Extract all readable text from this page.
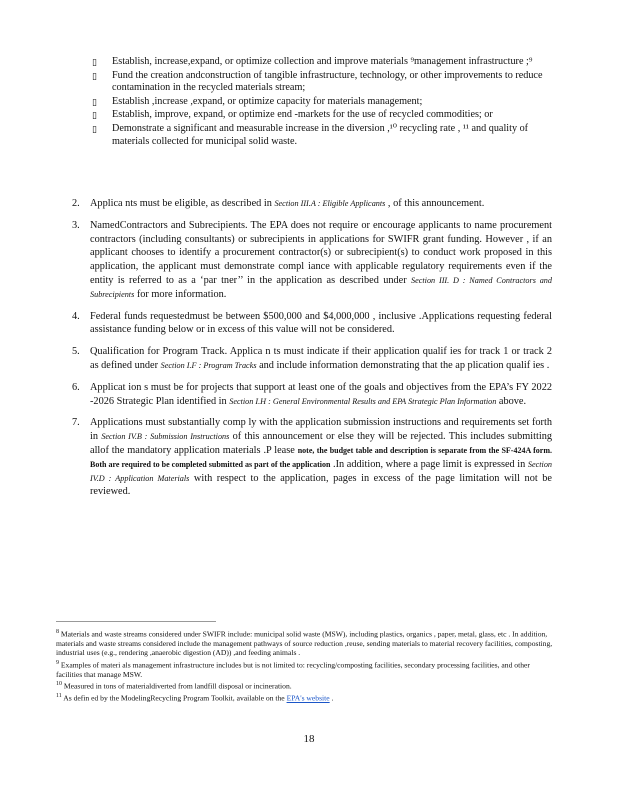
▯ Establish, increase,expand, or optimize collection and improve materials ⁹management infrastructure ;⁹
▯ Fund the creation andconstruction of tangible infrastructure, technology, or other improvements to reduce contamination in the recycled materials stream;
▯ Establish ,increase ,expand, or optimize capacity for materials management;
▯ Establish, improve, expand, or optimize end -markets for the use of recycled commodities; or
▯ Demonstrate a significant and measurable increase in the diversion ,¹⁰ recycling rate , ¹¹ and quality of materials collected for municipal solid waste.
2. Applica nts must be eligible, as described in Section III.A : Eligible Applicants , of this announcement.
3. NamedContractors and Subrecipients. The EPA does not require or encourage applicants to name procurement contractors (including consultants) or subrecipients in applications for SWIFR grant funding. However , if an applicant chooses to identify a procurement contractor(s) or subrecipient(s) to conduct work proposed in this application, the applicant must demonstrate compl iance with applicable regulatory requirements even if the entity is referred to as a ‘par tner’’ in the application as described under Section III. D : Named Contractors and Subrecipients for more information.
4. Federal funds requestedmust be between $500,000 and $4,000,000 , inclusive .Applications requesting federal assistance funding below or in excess of this value will not be considered.
5. Qualification for Program Track. Applica n ts must indicate if their application qualif ies for track 1 or track 2 as defined under Section I.F : Program Tracks and include information demonstrating that the ap plication qualif ies .
6. Applicat ion s must be for projects that support at least one of the goals and objectives from the EPA’s FY 2022 -2026 Strategic Plan identified in Section I.H : General Environmental Results and EPA Strategic Plan Information above.
7. Applications must substantially comp ly with the application submission instructions and requirements set forth in Section IV.B : Submission Instructions of this announcement or else they will be rejected. This includes submitting allof the mandatory application materials .P lease note, the budget table and description is separate from the SF-424A form. Both are required to be completed submitted as part of the application .In addition, where a page limit is expressed in Section IV.D : Application Materials with respect to the application, pages in excess of the page limitation will not be reviewed.
$^8$ Materials and waste streams considered under SWIFR include: municipal solid waste (MSW), including plastics, organics , paper, metal, glass, etc . In addition, materials and waste streams considered include the management pathways of source reduction ,reuse, sending materials to material recovery facilities, composting, industrial uses (e.g., rendering ,anaerobic digestion (AD)) ,and feeding animals .
$^9$ Examples of materi als management infrastructure includes but is not limited to: recycling/composting facilities, secondary processing facilities, and other facilities that manage MSW.
$^{10}$ Measured in tons of materialdiverted from landfill disposal or incineration.
$^{11}$ As defin ed by the ModelingRecycling Program Toolkit, available on the EPA's website .
18
